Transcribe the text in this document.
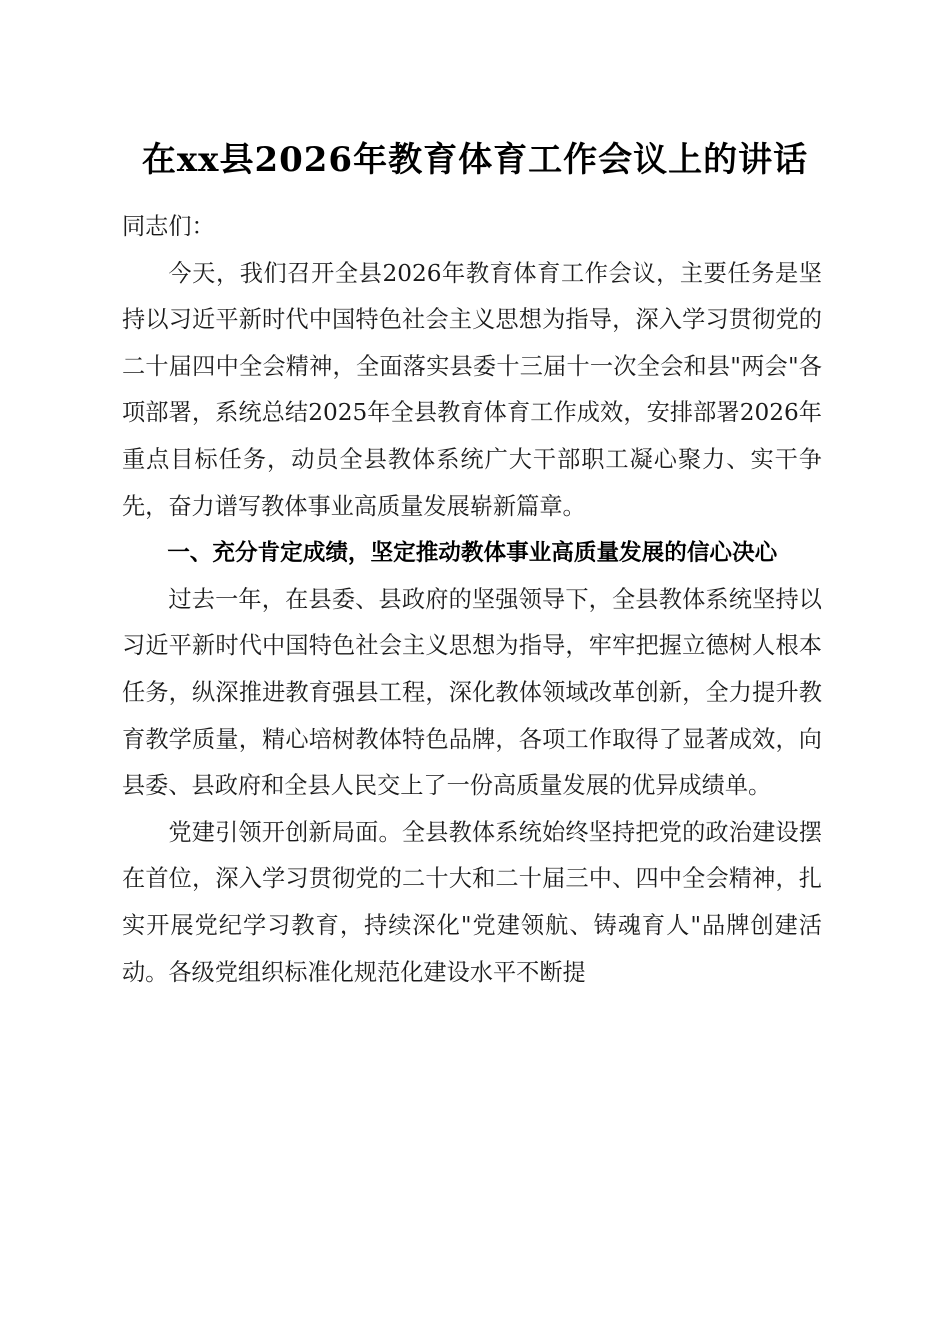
在xx县2026年教育体育工作会议上的讲话

同志们：

今天，我们召开全县2026年教育体育工作会议，主要任务是坚持以习近平新时代中国特色社会主义思想为指导，深入学习贯彻党的二十届四中全会精神，全面落实县委十三届十一次全会和县"两会"各项部署，系统总结2025年全县教育体育工作成效，安排部署2026年重点目标任务，动员全县教体系统广大干部职工凝心聚力、实干争先，奋力谱写教体事业高质量发展崭新篇章。

一、充分肯定成绩，坚定推动教体事业高质量发展的信心决心

过去一年，在县委、县政府的坚强领导下，全县教体系统坚持以习近平新时代中国特色社会主义思想为指导，牢牢把握立德树人根本任务，纵深推进教育强县工程，深化教体领域改革创新，全力提升教育教学质量，精心培树教体特色品牌，各项工作取得了显著成效，向县委、县政府和全县人民交上了一份高质量发展的优异成绩单。

党建引领开创新局面。全县教体系统始终坚持把党的政治建设摆在首位，深入学习贯彻党的二十大和二十届三中、四中全会精神，扎实开展党纪学习教育，持续深化"党建领航、铸魂育人"品牌创建活动。各级党组织标准化规范化建设水平不断提
